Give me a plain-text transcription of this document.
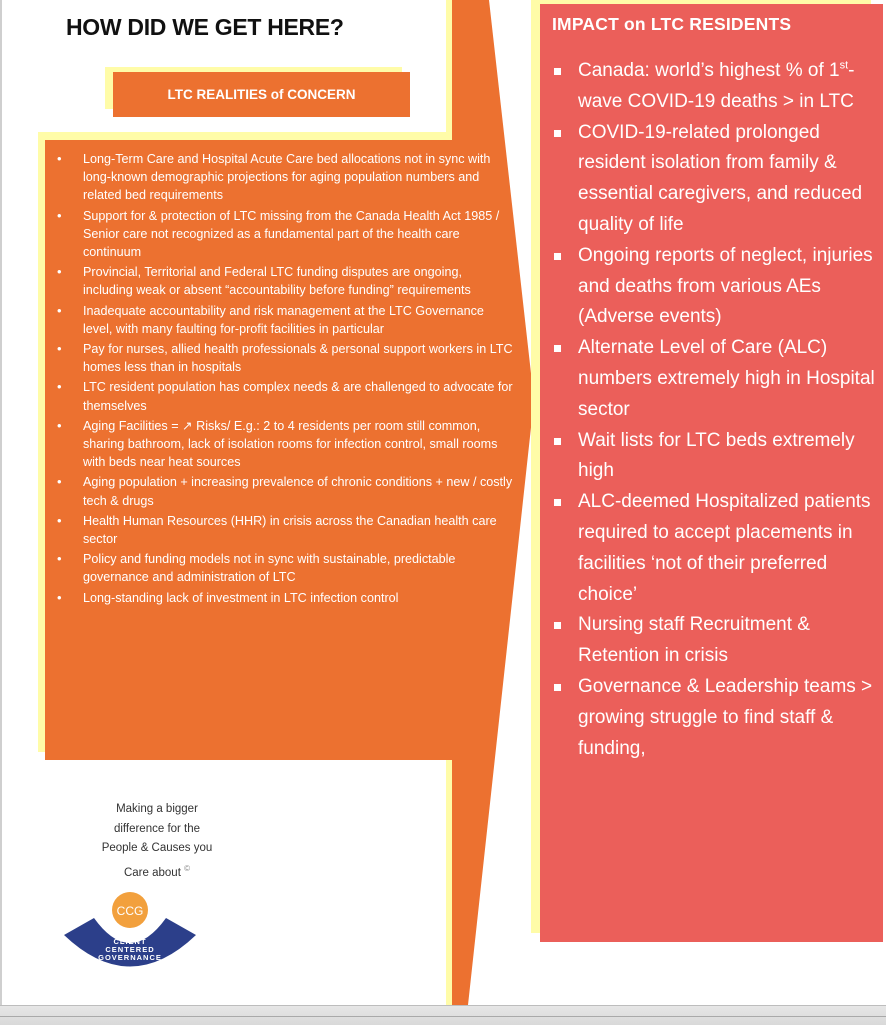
HOW DID WE GET HERE?
LTC REALITIES of CONCERN
• Long-Term Care and Hospital Acute Care bed allocations not in sync with long-known demographic projections for aging population numbers and related bed requirements
• Support for & protection of LTC missing from the Canada Health Act 1985 / Senior care not recognized as a fundamental part of the health care continuum
• Provincial, Territorial and Federal LTC funding disputes are ongoing, including weak or absent “accountability before funding” requirements
• Inadequate accountability and risk management at the LTC Governance level, with many faulting for-profit facilities in particular
• Pay for nurses, allied health professionals & personal support workers in LTC homes less than in hospitals
• LTC resident population has complex needs & are challenged to advocate for themselves
• Aging Facilities = ↗ Risks/ E.g.: 2 to 4 residents per room still common, sharing bathroom, lack of isolation rooms for infection control, small rooms with beds near heat sources
• Aging population + increasing prevalence of chronic conditions + new / costly tech & drugs
• Health Human Resources (HHR) in crisis across the Canadian health care sector
• Policy and funding models not in sync with sustainable, predictable governance and administration of LTC
• Long-standing lack of investment in LTC infection control
IMPACT on LTC RESIDENTS
Canada: world’s highest % of 1st-wave COVID-19 deaths > in LTC
COVID-19-related prolonged resident isolation from family & essential caregivers, and reduced quality of life
Ongoing reports of neglect, injuries and deaths from various AEs (Adverse events)
Alternate Level of Care (ALC) numbers extremely high in Hospital sector
Wait lists for LTC beds extremely high
ALC-deemed Hospitalized patients required to accept placements in facilities ‘not of their preferred choice’
Nursing staff Recruitment & Retention in crisis
Governance & Leadership teams > growing struggle to find staff & funding,
Making a bigger
difference for the
People & Causes you
Care about ©
CCG
CLIENT
CENTERED
GOVERNANCE
